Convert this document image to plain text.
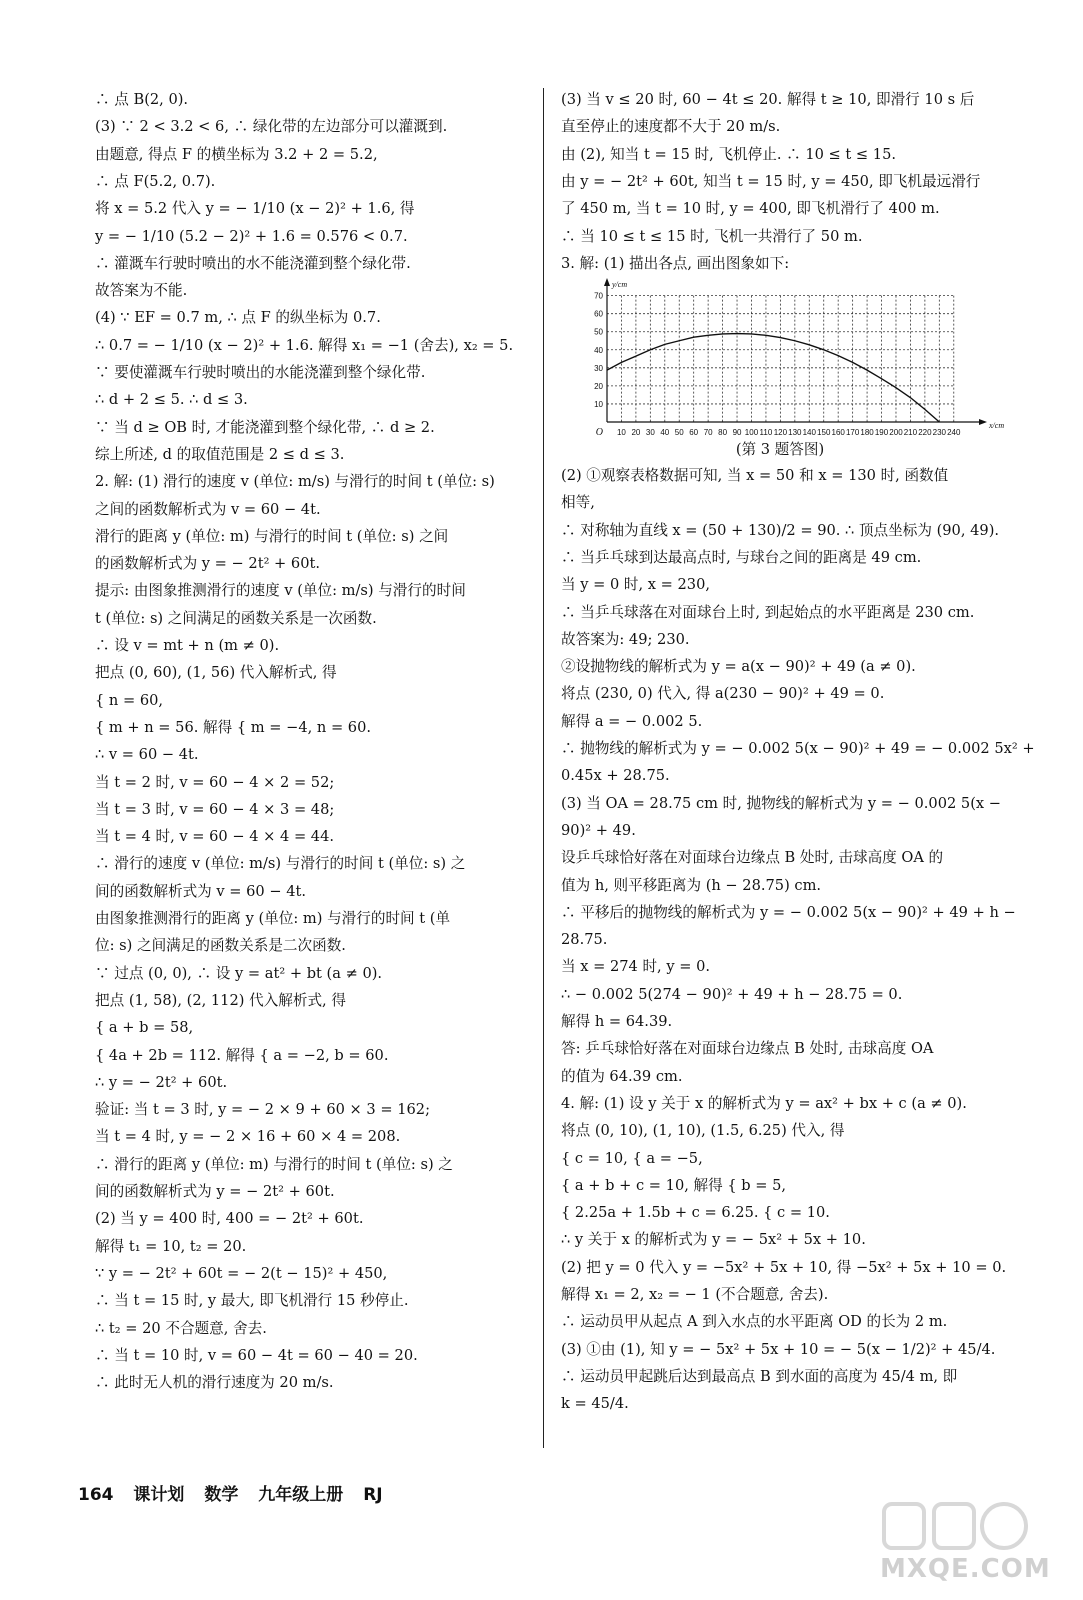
∴ 点 B(2, 0).
(3) ∵ 2 < 3.2 < 6, ∴ 绿化带的左边部分可以灌溉到.
由题意, 得点 F 的横坐标为 3.2 + 2 = 5.2,
∴ 点 F(5.2, 0.7).
将 x = 5.2 代入 y = − 1/10 (x − 2)² + 1.6, 得
y = − 1/10 (5.2 − 2)² + 1.6 = 0.576 < 0.7.
∴ 灌溉车行驶时喷出的水不能浇灌到整个绿化带.
故答案为不能.
(4) ∵ EF = 0.7 m, ∴ 点 F 的纵坐标为 0.7.
∴ 0.7 = − 1/10 (x − 2)² + 1.6. 解得 x₁ = −1 (舍去), x₂ = 5.
∵ 要使灌溉车行驶时喷出的水能浇灌到整个绿化带.
∴ d + 2 ≤ 5. ∴ d ≤ 3.
∵ 当 d ≥ OB 时, 才能浇灌到整个绿化带, ∴ d ≥ 2.
综上所述, d 的取值范围是 2 ≤ d ≤ 3.
2. 解: (1) 滑行的速度 v (单位: m/s) 与滑行的时间 t (单位: s)
之间的函数解析式为 v = 60 − 4t.
滑行的距离 y (单位: m) 与滑行的时间 t (单位: s) 之间
的函数解析式为 y = − 2t² + 60t.
提示: 由图象推测滑行的速度 v (单位: m/s) 与滑行的时间
t (单位: s) 之间满足的函数关系是一次函数.
∴ 设 v = mt + n (m ≠ 0).
把点 (0, 60), (1, 56) 代入解析式, 得
{ n = 60,
{ m + n = 56. 解得 { m = −4, n = 60.
∴ v = 60 − 4t.
当 t = 2 时, v = 60 − 4 × 2 = 52;
当 t = 3 时, v = 60 − 4 × 3 = 48;
当 t = 4 时, v = 60 − 4 × 4 = 44.
∴ 滑行的速度 v (单位: m/s) 与滑行的时间 t (单位: s) 之
间的函数解析式为 v = 60 − 4t.
由图象推测滑行的距离 y (单位: m) 与滑行的时间 t (单
位: s) 之间满足的函数关系是二次函数.
∵ 过点 (0, 0), ∴ 设 y = at² + bt (a ≠ 0).
把点 (1, 58), (2, 112) 代入解析式, 得
{ a + b = 58,
{ 4a + 2b = 112. 解得 { a = −2, b = 60.
∴ y = − 2t² + 60t.
验证: 当 t = 3 时, y = − 2 × 9 + 60 × 3 = 162;
当 t = 4 时, y = − 2 × 16 + 60 × 4 = 208.
∴ 滑行的距离 y (单位: m) 与滑行的时间 t (单位: s) 之
间的函数解析式为 y = − 2t² + 60t.
(2) 当 y = 400 时, 400 = − 2t² + 60t.
解得 t₁ = 10, t₂ = 20.
∵ y = − 2t² + 60t = − 2(t − 15)² + 450,
∴ 当 t = 15 时, y 最大, 即飞机滑行 15 秒停止.
∴ t₂ = 20 不合题意, 舍去.
∴ 当 t = 10 时, v = 60 − 4t = 60 − 40 = 20.
∴ 此时无人机的滑行速度为 20 m/s.
(3) 当 v ≤ 20 时, 60 − 4t ≤ 20. 解得 t ≥ 10, 即滑行 10 s 后
直至停止的速度都不大于 20 m/s.
由 (2), 知当 t = 15 时, 飞机停止. ∴ 10 ≤ t ≤ 15.
由 y = − 2t² + 60t, 知当 t = 15 时, y = 450, 即飞机最远滑行
了 450 m, 当 t = 10 时, y = 400, 即飞机滑行了 400 m.
∴ 当 10 ≤ t ≤ 15 时, 飞机一共滑行了 50 m.
3. 解: (1) 描出各点, 画出图象如下:
10 20 30 40 50 60 70 80 90 100 110 120 130 140 150 160 170 180 190 200 210 220 230 240
10
20
30
40
50
60
70
O
x/cm
y/cm
(2) ①观察表格数据可知, 当 x = 50 和 x = 130 时, 函数值
相等,
∴ 对称轴为直线 x = (50 + 130)/2 = 90. ∴ 顶点坐标为 (90, 49).
∴ 当乒乓球到达最高点时, 与球台之间的距离是 49 cm.
当 y = 0 时, x = 230,
∴ 当乒乓球落在对面球台上时, 到起始点的水平距离是 230 cm.
故答案为: 49; 230.
②设抛物线的解析式为 y = a(x − 90)² + 49 (a ≠ 0).
将点 (230, 0) 代入, 得 a(230 − 90)² + 49 = 0.
解得 a = − 0.002 5.
∴ 抛物线的解析式为 y = − 0.002 5(x − 90)² + 49 = − 0.002 5x² +
0.45x + 28.75.
(3) 当 OA = 28.75 cm 时, 抛物线的解析式为 y = − 0.002 5(x −
90)² + 49.
设乒乓球恰好落在对面球台边缘点 B 处时, 击球高度 OA 的
值为 h, 则平移距离为 (h − 28.75) cm.
∴ 平移后的抛物线的解析式为 y = − 0.002 5(x − 90)² + 49 + h −
28.75.
当 x = 274 时, y = 0.
∴ − 0.002 5(274 − 90)² + 49 + h − 28.75 = 0.
解得 h = 64.39.
答: 乒乓球恰好落在对面球台边缘点 B 处时, 击球高度 OA
的值为 64.39 cm.
4. 解: (1) 设 y 关于 x 的解析式为 y = ax² + bx + c (a ≠ 0).
将点 (0, 10), (1, 10), (1.5, 6.25) 代入, 得
{ c = 10, { a = −5,
{ a + b + c = 10, 解得 { b = 5,
{ 2.25a + 1.5b + c = 6.25. { c = 10.
∴ y 关于 x 的解析式为 y = − 5x² + 5x + 10.
(2) 把 y = 0 代入 y = −5x² + 5x + 10, 得 −5x² + 5x + 10 = 0.
解得 x₁ = 2, x₂ = − 1 (不合题意, 舍去).
∴ 运动员甲从起点 A 到入水点的水平距离 OD 的长为 2 m.
(3) ①由 (1), 知 y = − 5x² + 5x + 10 = − 5(x − 1/2)² + 45/4.
∴ 运动员甲起跳后达到最高点 B 到水面的高度为 45/4 m, 即
k = 45/4.
(第 3 题答图)
164 课计划 数学 九年级上册 RJ
MXQE.COM
